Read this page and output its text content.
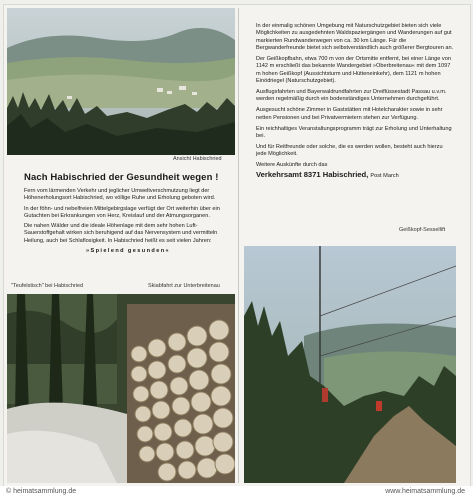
Ansicht Habischried
Nach Habischried der Gesundheit wegen !

Fern vom lärmenden Verkehr und jeglicher Umweltverschmutzung liegt der Höhenerholungsort Habischried, wo völlige Ruhe und Erholung geboten wird.

In der föhn- und nebelfreien Mittelgebirgslage verfügt der Ort weiterhin über ein Gutachten bei Erkrankungen von Herz, Kreislauf und der Atmungsorganen.

Die nahen Wälder und die ideale Höhenlage mit dem sehr hohen Luft-Sauerstoffgehalt wirken sich beruhigend auf das Nervensystem und vermitteln Heilung, auch bei Schlaflosigkeit. In Habischried heißt es seit vielen Jahren:

»Spielend gesunden«

"Teufelstisch" bei Habischried	Skiabfahrt zur Unterbreitenau

In der einmalig schönen Umgebung mit Naturschutzgebiet bieten sich viele Möglichkeiten zu ausgedehnten Waldspaziergängen und Wanderungen auf gut markierten Rundwanderwegen von ca. 30 km Länge. Für die Bergwanderfreunde bietet sich selbstverständlich auch größerer Bergtouren an.

Der Geißkopfbahn, etwa 700 m von der Ortsmitte entfernt, bei einer Länge von 1142 m erschließt das bekannte Wandergebiet »Oberbreitenau« mit dem 1097 m hohen Geißkopf (Aussichtsturm und Hütteneinkehr), dem 1121 m hohen Einödriegel (Naturschutzgebiet).

Ausflugsfahrten und Bayerwaldrundfahrten zur Dreiflüssestadt Passau u.v.m. werden regelmäßig durch ein bodenständiges Unternehmen durchgeführt.

Ausgesucht schöne Zimmer in Gaststätten mit Hotelcharakter sowie in sehr netten Pensionen und bei Privatvermietern stehen zur Verfügung.

Ein reichhaltiges Veranstaltungsprogramm trägt zur Erholung und Unterhaltung bei.

Und für Reitfreunde oder solche, die es werden wollen, besteht auch hierzu jede Möglichkeit.

Weitere Auskünfte durch das

Verkehrsamt 8371 Habischried, Post March
Geißkopf-Sessellift
© heimatsammlung.de	www.heimatsammlung.de
